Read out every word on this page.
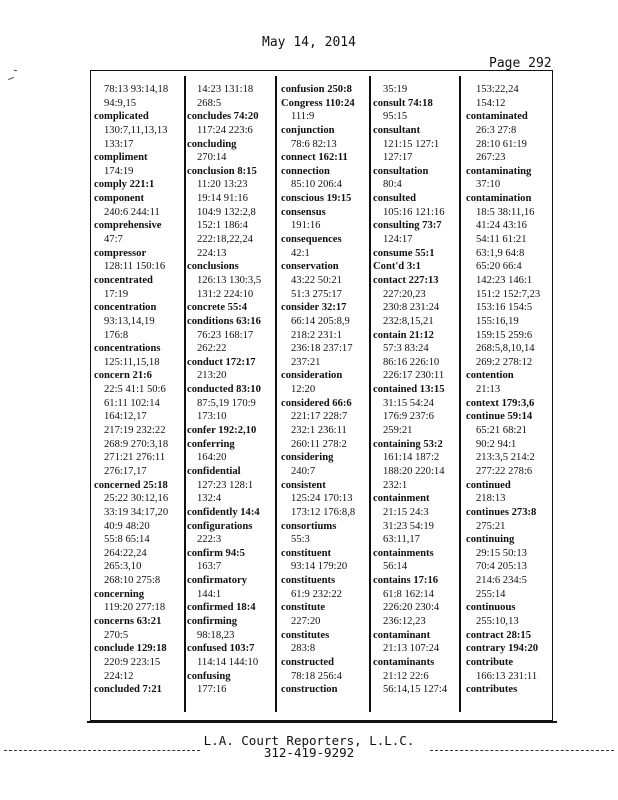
May 14, 2014
Page 292
78:13 93:14,18
94:9,15
complicated
130:7,11,13,13
133:17
compliment
174:19
comply 221:1
component
240:6 244:11
comprehensive
47:7
compressor
128:11 150:16
concentrated
17:19
concentration
93:13,14,19
176:8
concentrations
125:11,15,18
concern 21:6
22:5 41:1 50:6
61:11 102:14
164:12,17
217:19 232:22
268:9 270:3,18
271:21 276:11
276:17,17
concerned 25:18
25:22 30:12,16
33:19 34:17,20
40:9 48:20
55:8 65:14
264:22,24
265:3,10
268:10 275:8
concerning
119:20 277:18
concerns 63:21
270:5
conclude 129:18
220:9 223:15
224:12
concluded 7:21
14:23 131:18
268:5
concludes 74:20
117:24 223:6
concluding
270:14
conclusion 8:15
11:20 13:23
19:14 91:16
104:9 132:2,8
152:1 186:4
222:18,22,24
224:13
conclusions
126:13 130:3,5
131:2 224:10
concrete 55:4
conditions 63:16
76:23 168:17
262:22
conduct 172:17
213:20
conducted 83:10
87:5,19 170:9
173:10
confer 192:2,10
conferring
164:20
confidential
127:23 128:1
132:4
confidently 14:4
configurations
222:3
confirm 94:5
163:7
confirmatory
144:1
confirmed 18:4
confirming
98:18,23
confused 103:7
114:14 144:10
confusing
177:16
confusion 250:8
Congress 110:24
111:9
conjunction
78:6 82:13
connect 162:11
connection
85:10 206:4
conscious 19:15
consensus
191:16
consequences
42:1
conservation
43:22 50:21
51:3 275:17
consider 32:17
66:14 205:8,9
218:2 231:1
236:18 237:17
237:21
consideration
12:20
considered 66:6
221:17 228:7
232:1 236:11
260:11 278:2
considering
240:7
consistent
125:24 170:13
173:12 176:8,8
consortiums
55:3
constituent
93:14 179:20
constituents
61:9 232:22
constitute
227:20
constitutes
283:8
constructed
78:18 256:4
construction
35:19
consult 74:18
95:15
consultant
121:15 127:1
127:17
consultation
80:4
consulted
105:16 121:16
consulting 73:7
124:17
consume 55:1
Cont'd 3:1
contact 227:13
227:20,23
230:8 231:24
232:8,15,21
contain 21:12
57:3 83:24
86:16 226:10
226:17 230:11
contained 13:15
31:15 54:24
176:9 237:6
259:21
containing 53:2
161:14 187:2
188:20 220:14
232:1
containment
21:15 24:3
31:23 54:19
63:11,17
containments
56:14
contains 17:16
61:8 162:14
226:20 230:4
236:12,23
contaminant
21:13 107:24
contaminants
21:12 22:6
56:14,15 127:4
153:22,24
154:12
contaminated
26:3 27:8
28:10 61:19
267:23
contaminating
37:10
contamination
18:5 38:11,16
41:24 43:16
54:11 61:21
63:1,9 64:8
65:20 66:4
142:23 146:1
151:2 152:7,23
153:16 154:5
155:16,19
159:15 259:6
268:5,8,10,14
269:2 278:12
contention
21:13
context 179:3,6
continue 59:14
65:21 68:21
90:2 94:1
213:3,5 214:2
277:22 278:6
continued
218:13
continues 273:8
275:21
continuing
29:15 50:13
70:4 205:13
214:6 234:5
255:14
continuous
255:10,13
contract 28:15
contrary 194:20
contribute
166:13 231:11
contributes
L.A. Court Reporters, L.L.C.
312-419-9292
